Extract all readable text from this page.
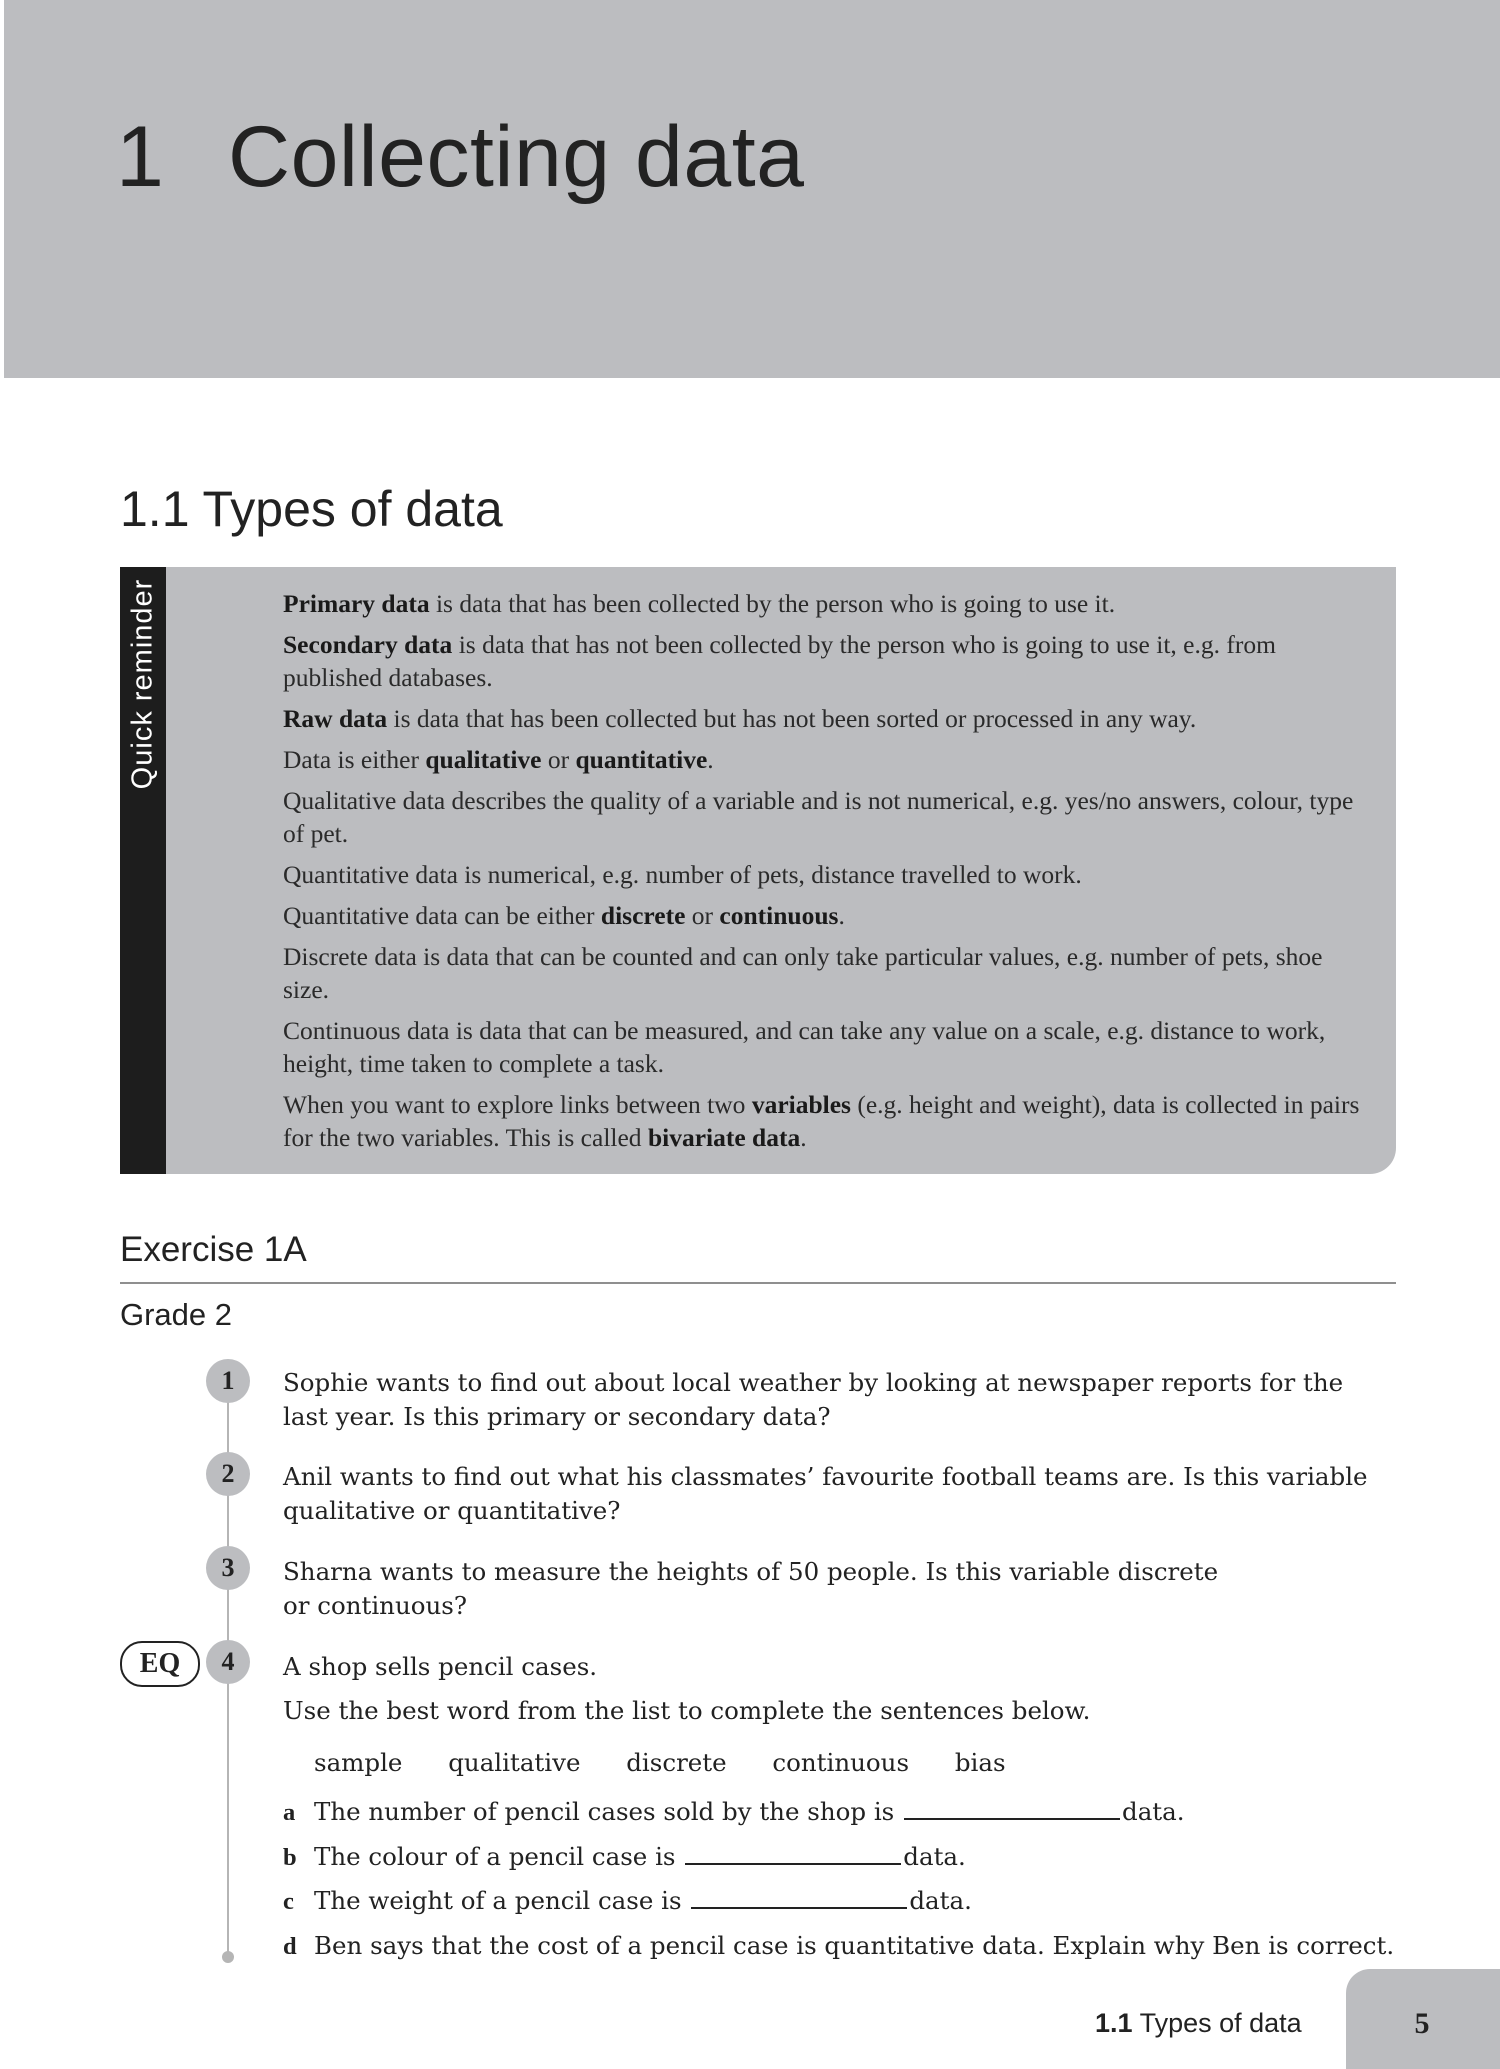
1 Collecting data
1.1 Types of data
Quick reminder	Primary data is data that has been collected by the person who is going to use it.

Secondary data is data that has not been collected by the person who is going to use it, e.g. from published databases.

Raw data is data that has been collected but has not been sorted or processed in any way.

Data is either qualitative or quantitative.

Qualitative data describes the quality of a variable and is not numerical, e.g. yes/no answers, colour, type of pet.

Quantitative data is numerical, e.g. number of pets, distance travelled to work.

Quantitative data can be either discrete or continuous.

Discrete data is data that can be counted and can only take particular values, e.g. number of pets, shoe size.

Continuous data is data that can be measured, and can take any value on a scale, e.g. distance to work, height, time taken to complete a task.

When you want to explore links between two variables (e.g. height and weight), data is collected in pairs for the two variables. This is called bivariate data.

Exercise 1A
Grade 2
1	Sophie wants to find out about local weather by looking at newspaper reports for the

last year. Is this primary or secondary data?

2	Anil wants to find out what his classmates’ favourite football teams are. Is this variable

qualitative or quantitative?

3	Sharna wants to measure the heights of 50 people. Is this variable discrete

or continuous?

EQ	4	A shop sells pencil cases.

Use the best word from the list to complete the sentences below.

sample qualitative discrete continuous bias
a The number of pencil cases sold by the shop is	data.
b The colour of a pencil case is	data.
c The weight of a pencil case is	data.
d Ben says that the cost of a pencil case is quantitative data. Explain why Ben is correct.
1.1 Types of data	5
